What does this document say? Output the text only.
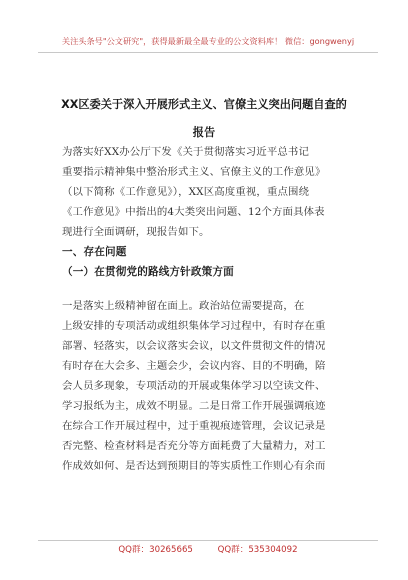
关注头条号"公文研究"，获得最新最全最专业的公文资料库！ 微信：gongwenyj
XX区委关于深入开展形式主义、官僚主义突出问题自查的
报告
为落实好XX办公厅下发《关于贯彻落实习近平总书记
重要指示精神集中整治形式主义、官僚主义的工作意见》
（以下简称《工作意见》），XX区高度重视，重点围绕
《工作意见》中指出的4大类突出问题、12个方面具体表
现进行全面调研，现报告如下。
一、存在问题
（一）在贯彻党的路线方针政策方面
一是落实上级精神留在面上。政治站位需要提高，在
上级安排的专项活动或组织集体学习过程中，有时存在重
部署、轻落实，以会议落实会议，以文件贯彻文件的情况
有时存在大会多、主题会少，会议内容、目的不明确，陪
会人员多现象，专项活动的开展或集体学习以空读文件、
学习报纸为主，成效不明显。二是日常工作开展强调痕迹
在综合工作开展过程中，过于重视痕迹管理，会议记录是
否完整、检查材料是否充分等方面耗费了大量精力，对工
作成效如何、是否达到预期目的等实质性工作则心有余而
QQ群：30265665	QQ群：535304092
